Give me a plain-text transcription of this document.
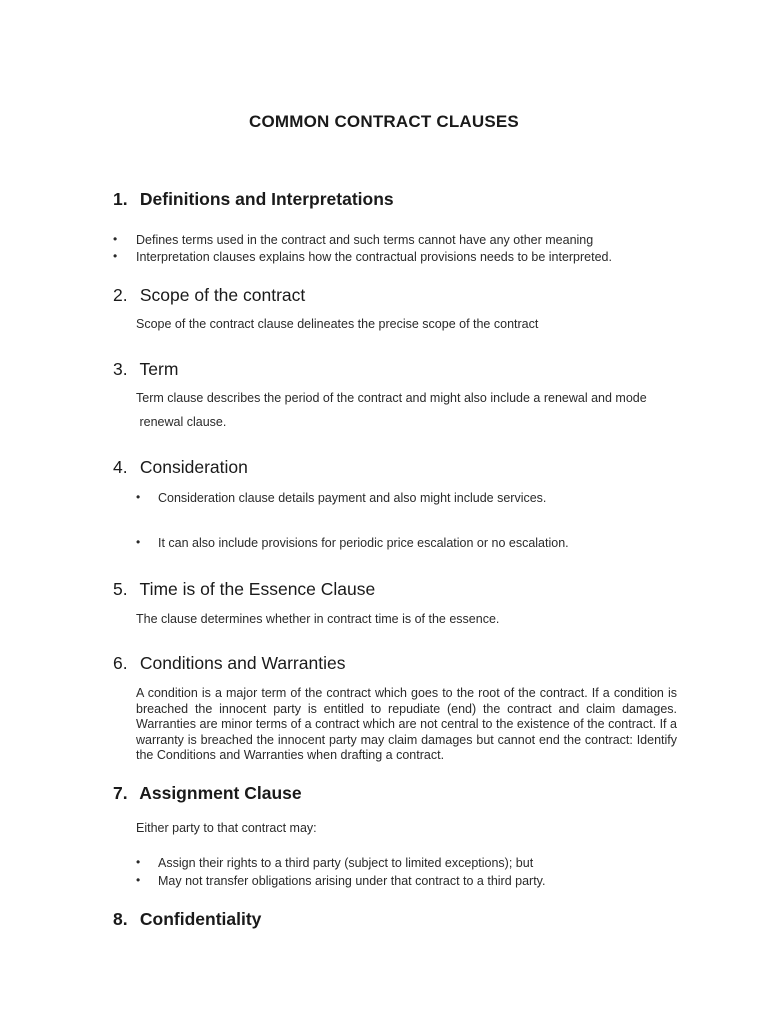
COMMON CONTRACT CLAUSES
1. Definitions and Interpretations
• Defines terms used in the contract and such terms cannot have any other meaning
• Interpretation clauses explains how the contractual provisions needs to be interpreted.
2. Scope of the contract
Scope of the contract clause delineates the precise scope of the contract
3. Term
Term clause describes the period of the contract and might also include a renewal and mode
renewal clause.
4. Consideration
• Consideration clause details payment and also might include services.
• It can also include provisions for periodic price escalation or no escalation.
5. Time is of the Essence Clause
The clause determines whether in contract time is of the essence.
6. Conditions and Warranties
A condition is a major term of the contract which goes to the root of the contract. If a condition is breached the innocent party is entitled to repudiate (end) the contract and claim damages. Warranties are minor terms of a contract which are not central to the existence of the contract. If a warranty is breached the innocent party may claim damages but cannot end the contract: Identify the Conditions and Warranties when drafting a contract.
7. Assignment Clause
Either party to that contract may:
• Assign their rights to a third party (subject to limited exceptions); but
• May not transfer obligations arising under that contract to a third party.
8. Confidentiality
